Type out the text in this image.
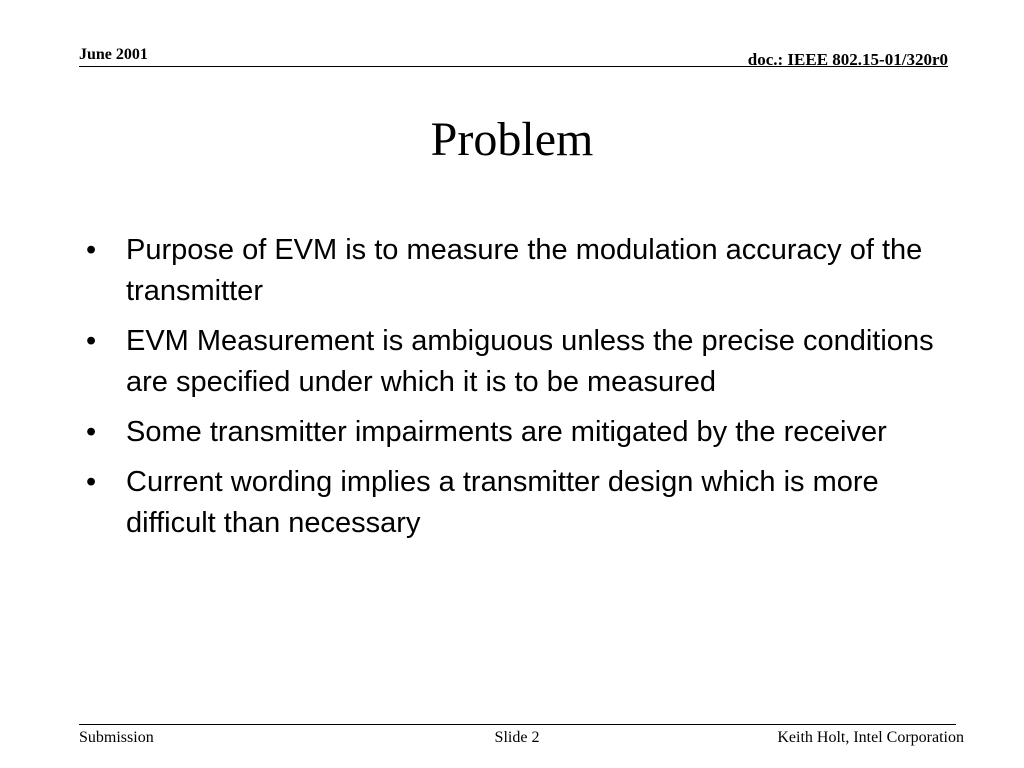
June 2001	doc.: IEEE 802.15-01/320r0
Problem
• Purpose of EVM is to measure the modulation accuracy of the transmitter
• EVM Measurement is ambiguous unless the precise conditions are specified under which it is to be measured
• Some transmitter impairments are mitigated by the receiver
• Current wording implies a transmitter design which is more difficult than necessary
Submission	Slide 2	Keith Holt, Intel Corporation
